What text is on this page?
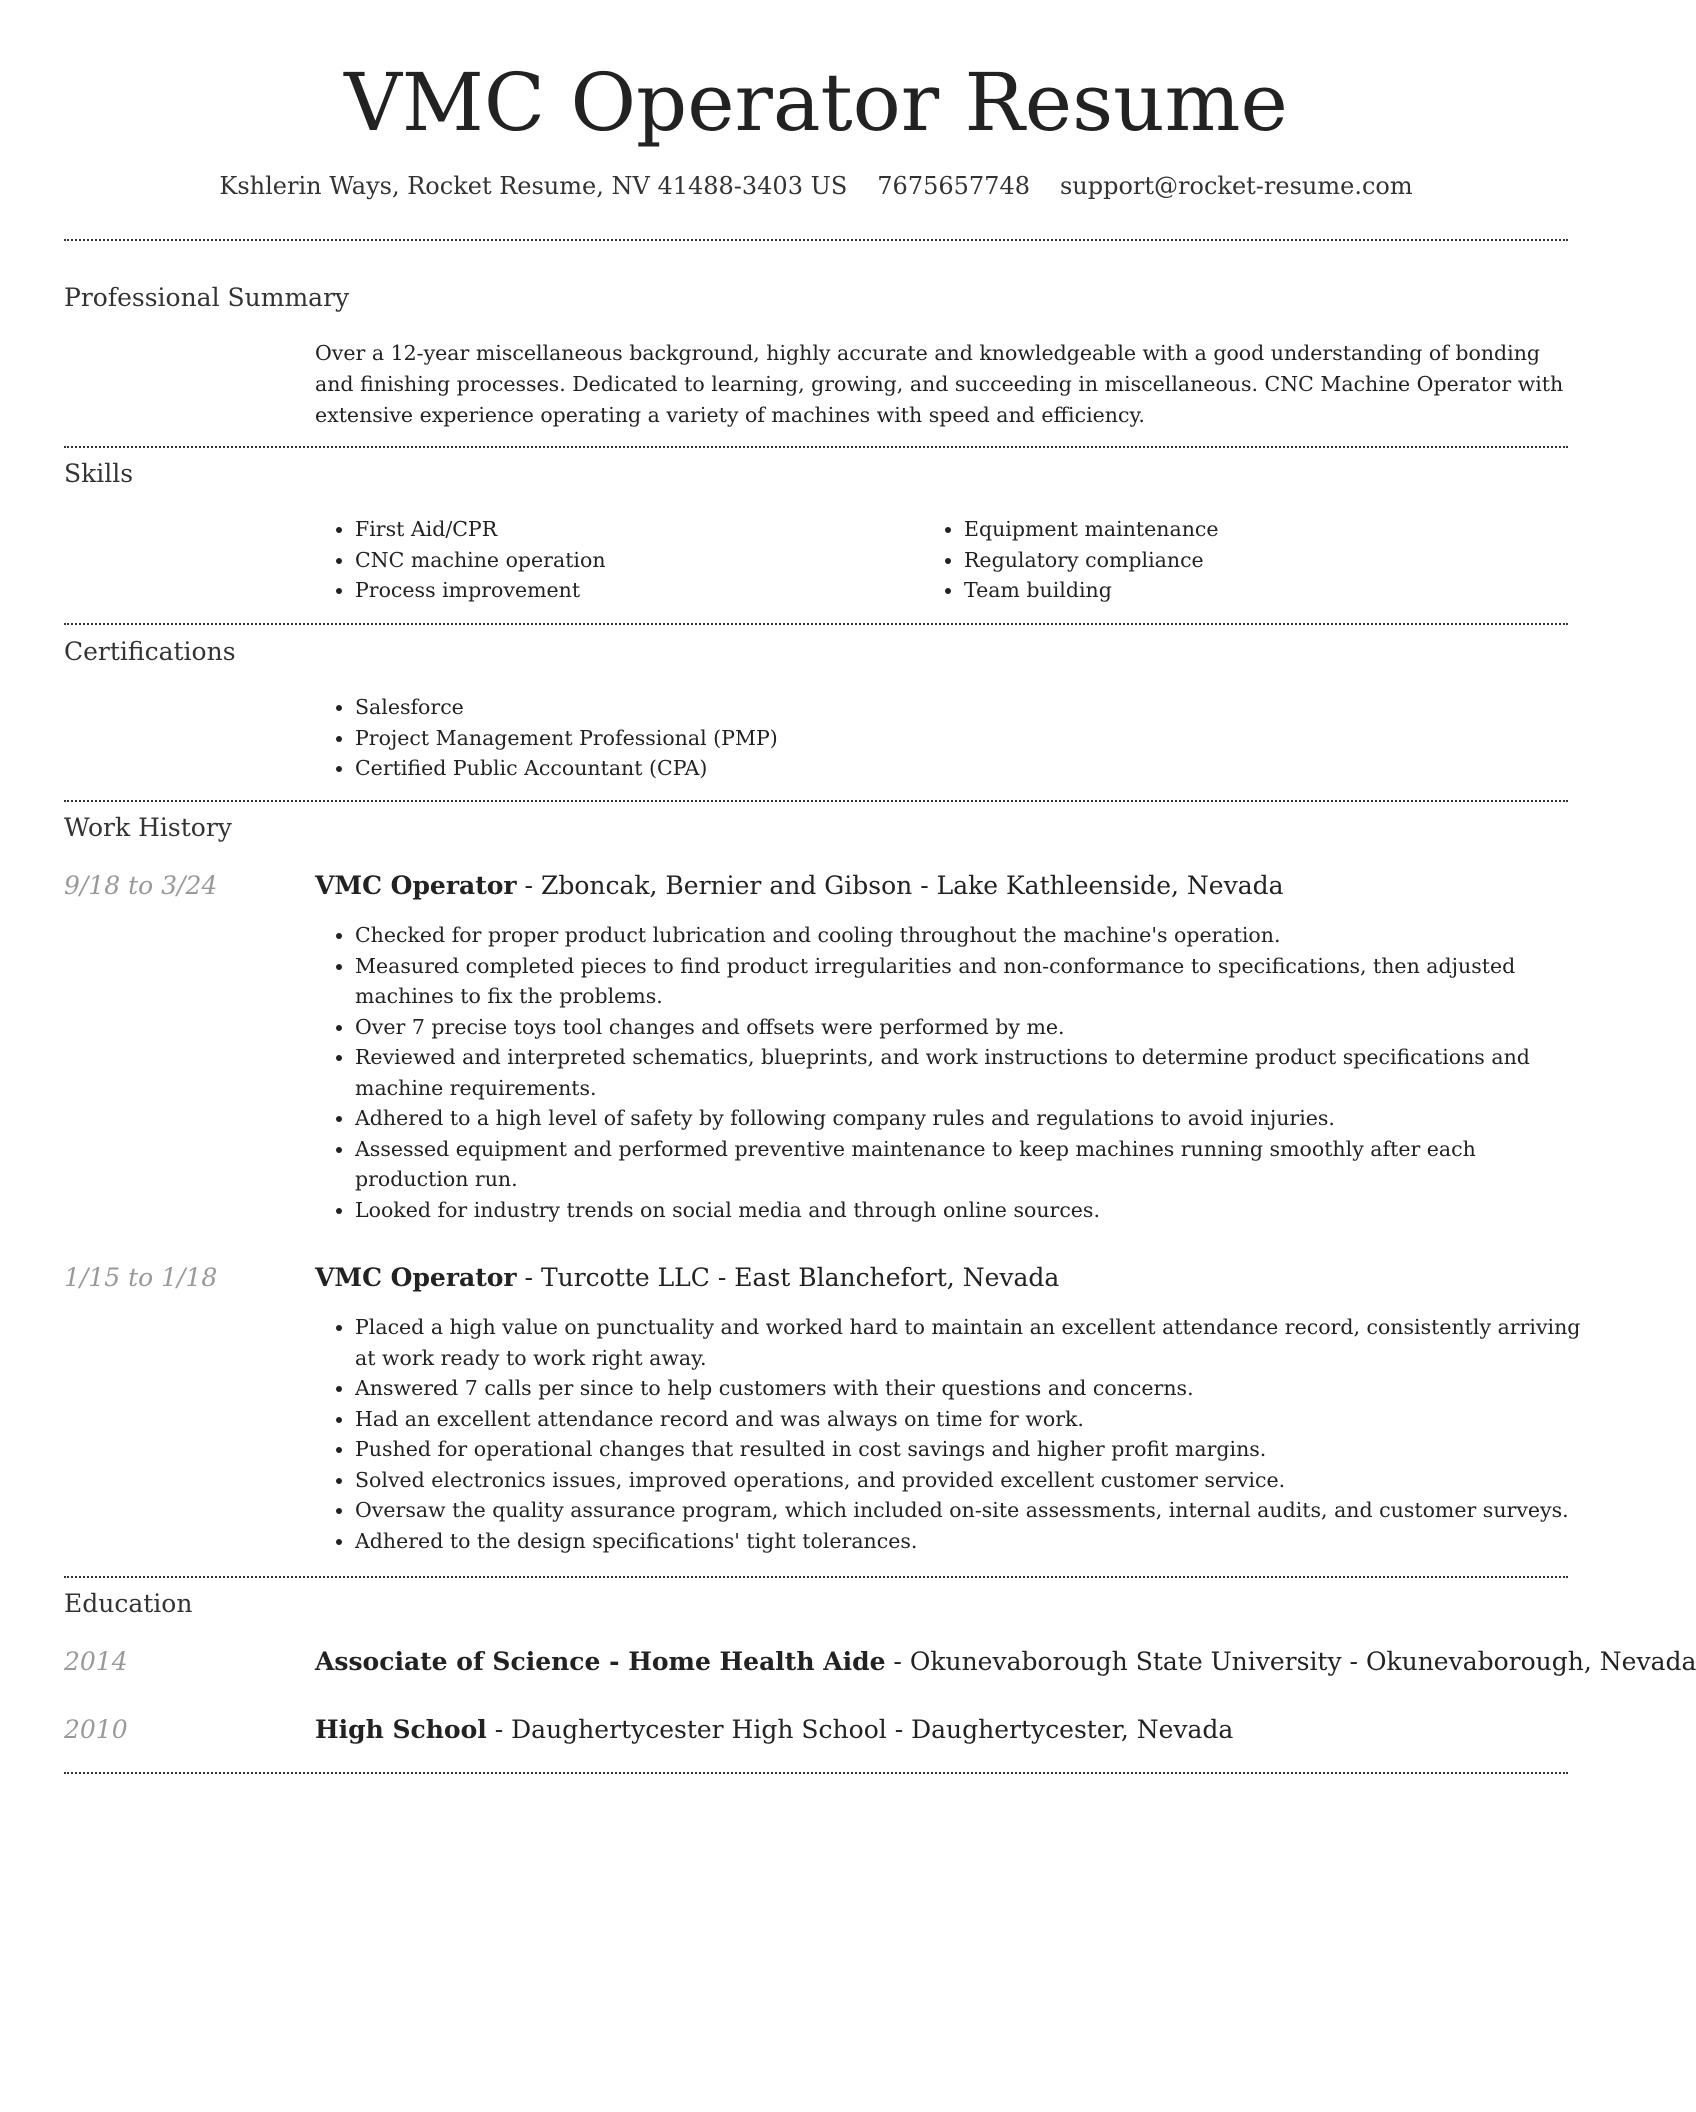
VMC Operator Resume
Kshlerin Ways, Rocket Resume, NV 41488-3403 US 7675657748 support@rocket-resume.com
Professional Summary
Over a 12-year miscellaneous background, highly accurate and knowledgeable with a good understanding of bonding and finishing processes. Dedicated to learning, growing, and succeeding in miscellaneous. CNC Machine Operator with extensive experience operating a variety of machines with speed and efficiency.
Skills
• First Aid/CPR
• CNC machine operation
• Process improvement
• Equipment maintenance
• Regulatory compliance
• Team building
Certifications
• Salesforce
• Project Management Professional (PMP)
• Certified Public Accountant (CPA)
Work History
9/18 to 3/24	VMC Operator - Zboncak, Bernier and Gibson - Lake Kathleenside, Nevada
• Checked for proper product lubrication and cooling throughout the machine's operation.
• Measured completed pieces to find product irregularities and non-conformance to specifications, then adjusted machines to fix the problems.
• Over 7 precise toys tool changes and offsets were performed by me.
• Reviewed and interpreted schematics, blueprints, and work instructions to determine product specifications and machine requirements.
• Adhered to a high level of safety by following company rules and regulations to avoid injuries.
• Assessed equipment and performed preventive maintenance to keep machines running smoothly after each production run.
• Looked for industry trends on social media and through online sources.
1/15 to 1/18	VMC Operator - Turcotte LLC - East Blanchefort, Nevada
• Placed a high value on punctuality and worked hard to maintain an excellent attendance record, consistently arriving at work ready to work right away.
• Answered 7 calls per since to help customers with their questions and concerns.
• Had an excellent attendance record and was always on time for work.
• Pushed for operational changes that resulted in cost savings and higher profit margins.
• Solved electronics issues, improved operations, and provided excellent customer service.
• Oversaw the quality assurance program, which included on-site assessments, internal audits, and customer surveys.
• Adhered to the design specifications' tight tolerances.
Education
2014	Associate of Science - Home Health Aide - Okunevaborough State University - Okunevaborough, Nevada
2010	High School - Daughertycester High School - Daughertycester, Nevada
